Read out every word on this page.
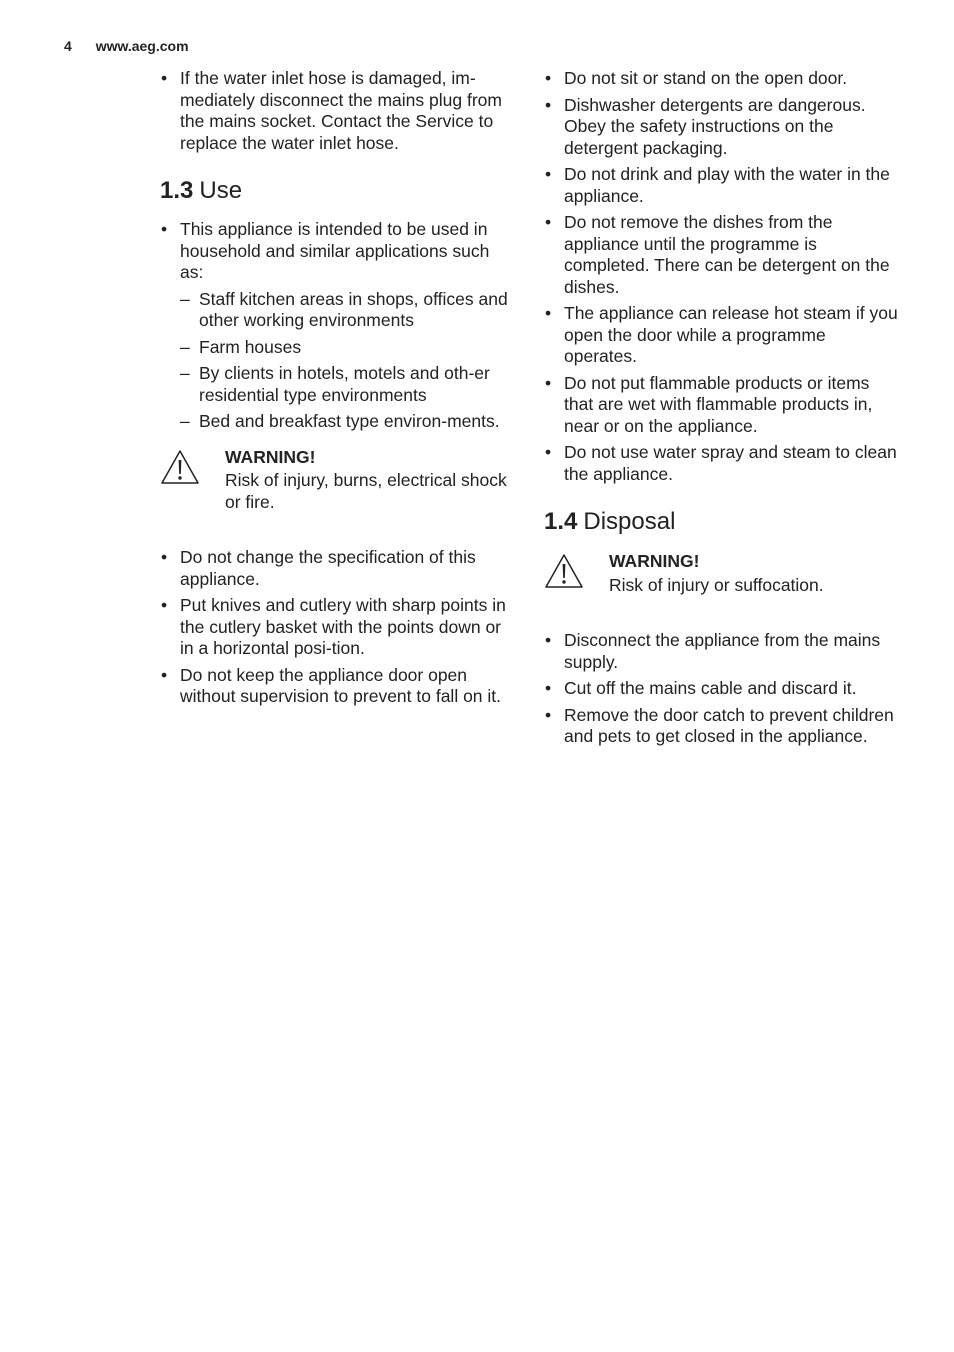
4 www.aeg.com
• If the water inlet hose is damaged, im-mediately disconnect the mains plug from the mains socket. Contact the Service to replace the water inlet hose.
1.3 Use
• This appliance is intended to be used in household and similar applications such as:
– Staff kitchen areas in shops, offices and other working environments
– Farm houses
– By clients in hotels, motels and oth-er residential type environments
– Bed and breakfast type environ-ments.
WARNING!
Risk of injury, burns, electrical shock or fire.
• Do not change the specification of this appliance.
• Put knives and cutlery with sharp points in the cutlery basket with the points down or in a horizontal posi-tion.
• Do not keep the appliance door open without supervision to prevent to fall on it.
• Do not sit or stand on the open door.
• Dishwasher detergents are dangerous. Obey the safety instructions on the detergent packaging.
• Do not drink and play with the water in the appliance.
• Do not remove the dishes from the appliance until the programme is completed. There can be detergent on the dishes.
• The appliance can release hot steam if you open the door while a programme operates.
• Do not put flammable products or items that are wet with flammable products in, near or on the appliance.
• Do not use water spray and steam to clean the appliance.
1.4 Disposal
WARNING!
Risk of injury or suffocation.
• Disconnect the appliance from the mains supply.
• Cut off the mains cable and discard it.
• Remove the door catch to prevent children and pets to get closed in the appliance.
